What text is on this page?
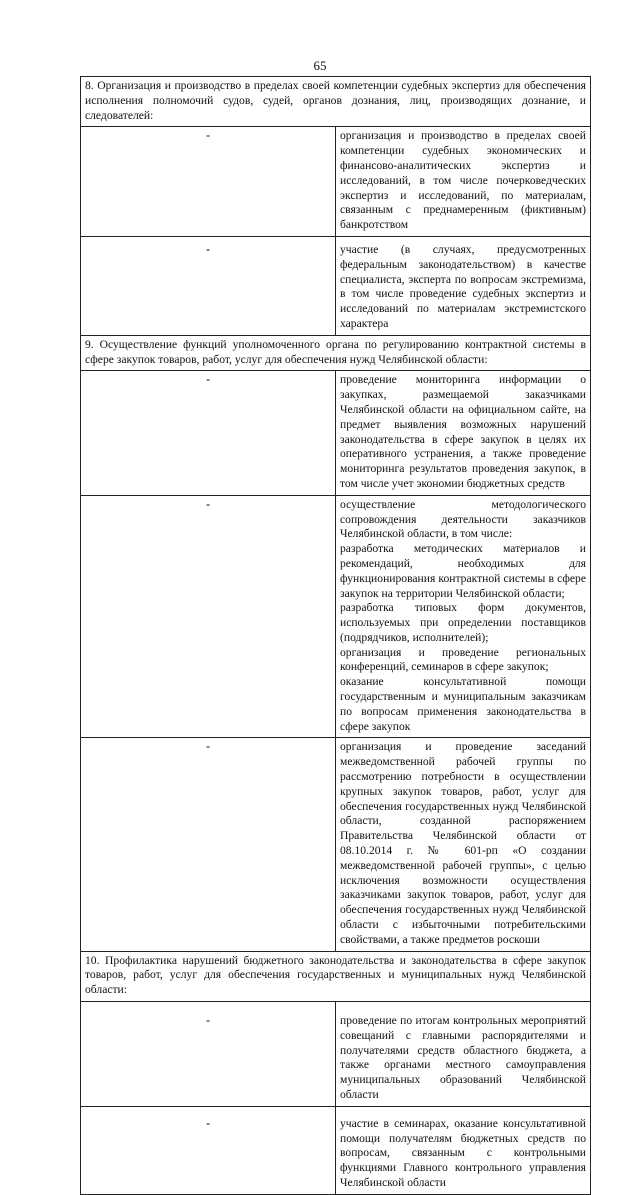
65
8. Организация и производство в пределах своей компетенции судебных экспертиз для обеспечения исполнения полномочий судов, судей, органов дознания, лиц, производящих дознание, и следователей:	
-	организация и производство в пределах своей компетенции судебных экономических и финансово-аналитических экспертиз и исследований, в том числе почерковедческих экспертиз и исследований, по материалам, связанным с преднамеренным (фиктивным) банкротством

-	участие (в случаях, предусмотренных федеральным законодательством) в качестве специалиста, эксперта по вопросам экстремизма, в том числе проведение судебных экспертиз и исследований по материалам экстремистского характера

9. Осуществление функций уполномоченного органа по регулированию контрактной системы в сфере закупок товаров, работ, услуг для обеспечения нужд Челябинской области:	
-	проведение мониторинга информации о закупках, размещаемой заказчиками Челябинской области на официальном сайте, на предмет выявления возможных нарушений законодательства в сфере закупок в целях их оперативного устранения, а также проведение мониторинга результатов проведения закупок, в том числе учет экономии бюджетных средств

-	осуществление методологического сопровождения деятельности заказчиков Челябинской области, в том числе:
разработка методических материалов и рекомендаций, необходимых для функционирования контрактной системы в сфере закупок на территории Челябинской области;
разработка типовых форм документов, используемых при определении поставщиков (подрядчиков, исполнителей);
организация и проведение региональных конференций, семинаров в сфере закупок;
оказание консультативной помощи государственным и муниципальным заказчикам по вопросам применения законодательства в сфере закупок

-	организация и проведение заседаний межведомственной рабочей группы по рассмотрению потребности в осуществлении крупных закупок товаров, работ, услуг для обеспечения государственных нужд Челябинской области, созданной распоряжением Правительства Челябинской области от 08.10.2014 г. № 601-рп «О создании межведомственной рабочей группы», с целью исключения возможности осуществления заказчиками закупок товаров, работ, услуг для обеспечения государственных нужд Челябинской области с избыточными потребительскими свойствами, а также предметов роскоши

10. Профилактика нарушений бюджетного законодательства и законодательства в сфере закупок товаров, работ, услуг для обеспечения государственных и муниципальных нужд Челябинской области:	
-	проведение по итогам контрольных мероприятий совещаний с главными распорядителями и получателями средств областного бюджета, а также органами местного самоуправления муниципальных образований Челябинской области

-	участие в семинарах, оказание консультативной помощи получателям бюджетных средств по вопросам, связанным с контрольными функциями Главного контрольного управления Челябинской области
